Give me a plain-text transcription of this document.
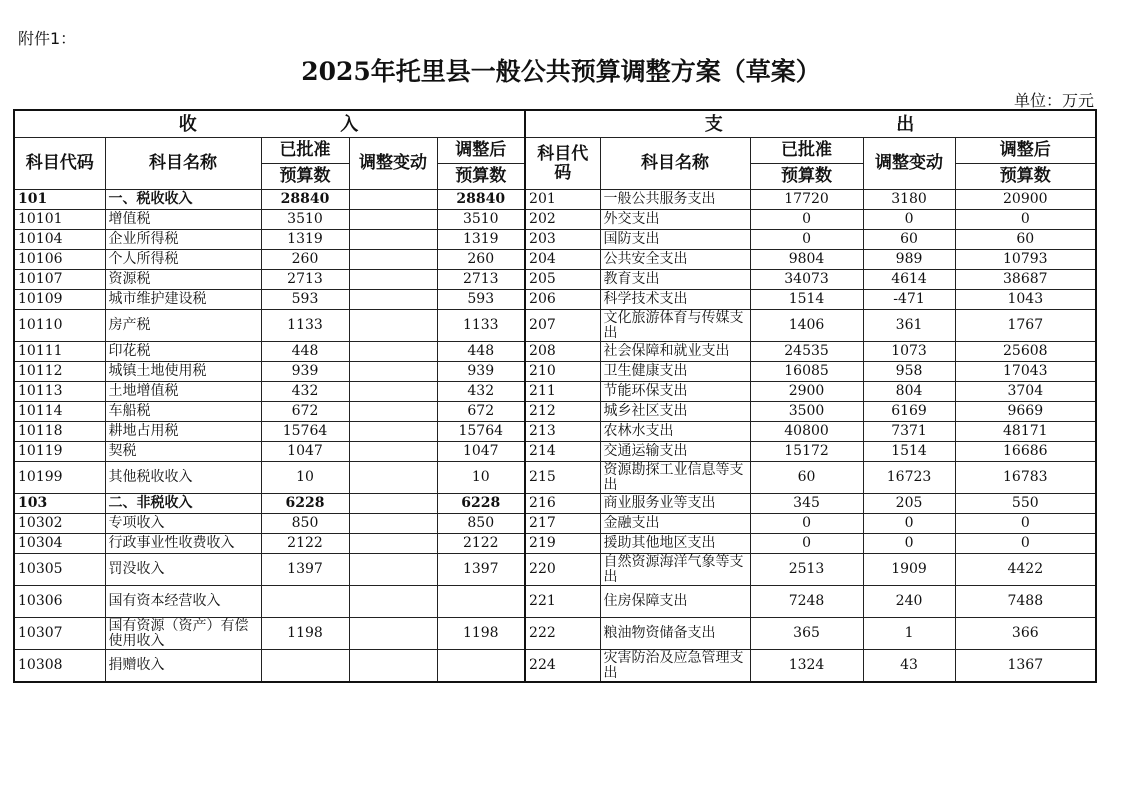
附件1：
2025年托里县一般公共预算调整方案（草案）
单位：万元
收 入					支 出				

科目代码	科目名称	已批准	调整变动	调整后	科目代码	科目名称	已批准	调整变动	调整后
		预算数		预算数			预算数		预算数
101	一、税收收入	28840		28840	201	一般公共服务支出	17720	3180	20900
10101	增值税	3510		3510	202	外交支出	0	0	0
10104	企业所得税	1319		1319	203	国防支出	0	60	60
10106	个人所得税	260		260	204	公共安全支出	9804	989	10793
10107	资源税	2713		2713	205	教育支出	34073	4614	38687
10109	城市维护建设税	593		593	206	科学技术支出	1514	-471	1043
10110	房产税	1133		1133	207	文化旅游体育与传媒支出	1406	361	1767
10111	印花税	448		448	208	社会保障和就业支出	24535	1073	25608
10112	城镇土地使用税	939		939	210	卫生健康支出	16085	958	17043
10113	土地增值税	432		432	211	节能环保支出	2900	804	3704
10114	车船税	672		672	212	城乡社区支出	3500	6169	9669
10118	耕地占用税	15764		15764	213	农林水支出	40800	7371	48171
10119	契税	1047		1047	214	交通运输支出	15172	1514	16686
10199	其他税收收入	10		10	215	资源勘探工业信息等支出	60	16723	16783
103	二、非税收入	6228		6228	216	商业服务业等支出	345	205	550
10302	专项收入	850		850	217	金融支出	0	0	0
10304	行政事业性收费收入	2122		2122	219	援助其他地区支出	0	0	0
10305	罚没收入	1397		1397	220	自然资源海洋气象等支出	2513	1909	4422
10306	国有资本经营收入				221	住房保障支出	7248	240	7488
10307	国有资源（资产）有偿使用收入	1198		1198	222	粮油物资储备支出	365	1	366
10308	捐赠收入				224	灾害防治及应急管理支出	1324	43	1367
